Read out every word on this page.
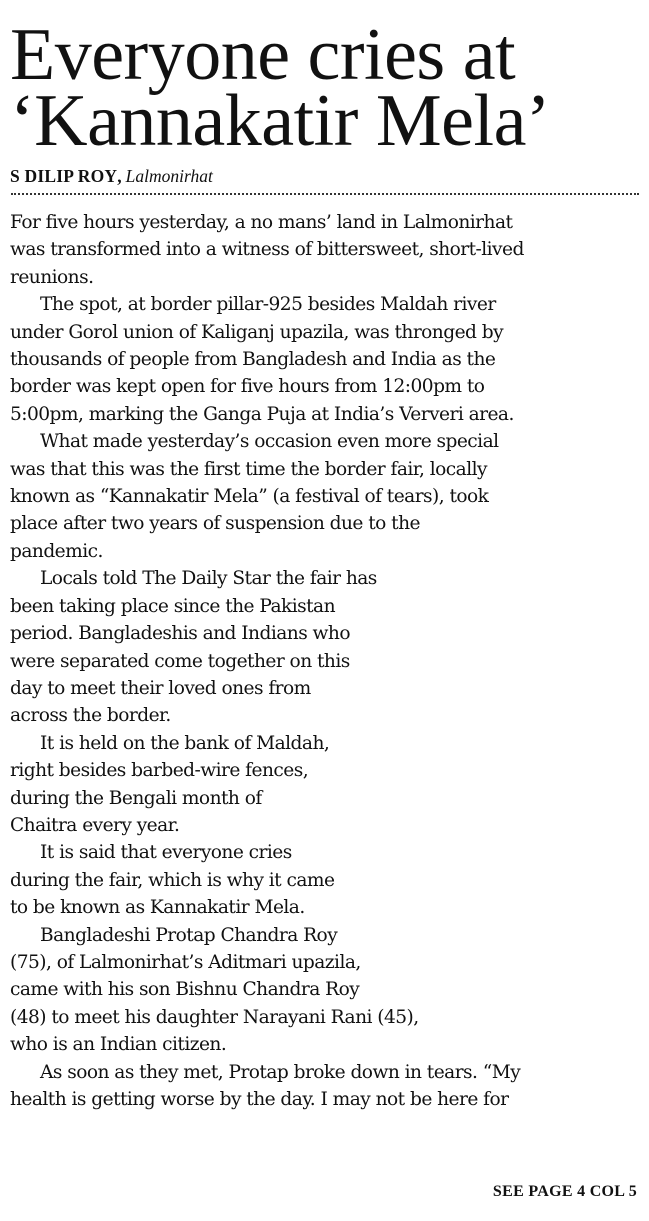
Everyone cries at
‘Kannakatir Mela’
S DILIP ROY, Lalmonirhat

For five hours yesterday, a no mans’ land in Lalmonirhat
was transformed into a witness of bittersweet, short-lived
reunions.

The spot, at border pillar-925 besides Maldah river
under Gorol union of Kaliganj upazila, was thronged by
thousands of people from Bangladesh and India as the
border was kept open for five hours from 12:00pm to
5:00pm, marking the Ganga Puja at India’s Ververi area.

What made yesterday’s occasion even more special
was that this was the first time the border fair, locally
known as “Kannakatir Mela” (a festival of tears), took
place after two years of suspension due to the
pandemic.

Locals told The Daily Star the fair has
been taking place since the Pakistan
period. Bangladeshis and Indians who
were separated come together on this
day to meet their loved ones from
across the border.

It is held on the bank of Maldah,
right besides barbed-wire fences,
during the Bengali month of
Chaitra every year.

It is said that everyone cries
during the fair, which is why it came
to be known as Kannakatir Mela.

Bangladeshi Protap Chandra Roy
(75), of Lalmonirhat’s Aditmari upazila,
came with his son Bishnu Chandra Roy
(48) to meet his daughter Narayani Rani (45),
who is an Indian citizen.

As soon as they met, Protap broke down in tears. “My
health is getting worse by the day. I may not be here for

SEE PAGE 4 COL 5
